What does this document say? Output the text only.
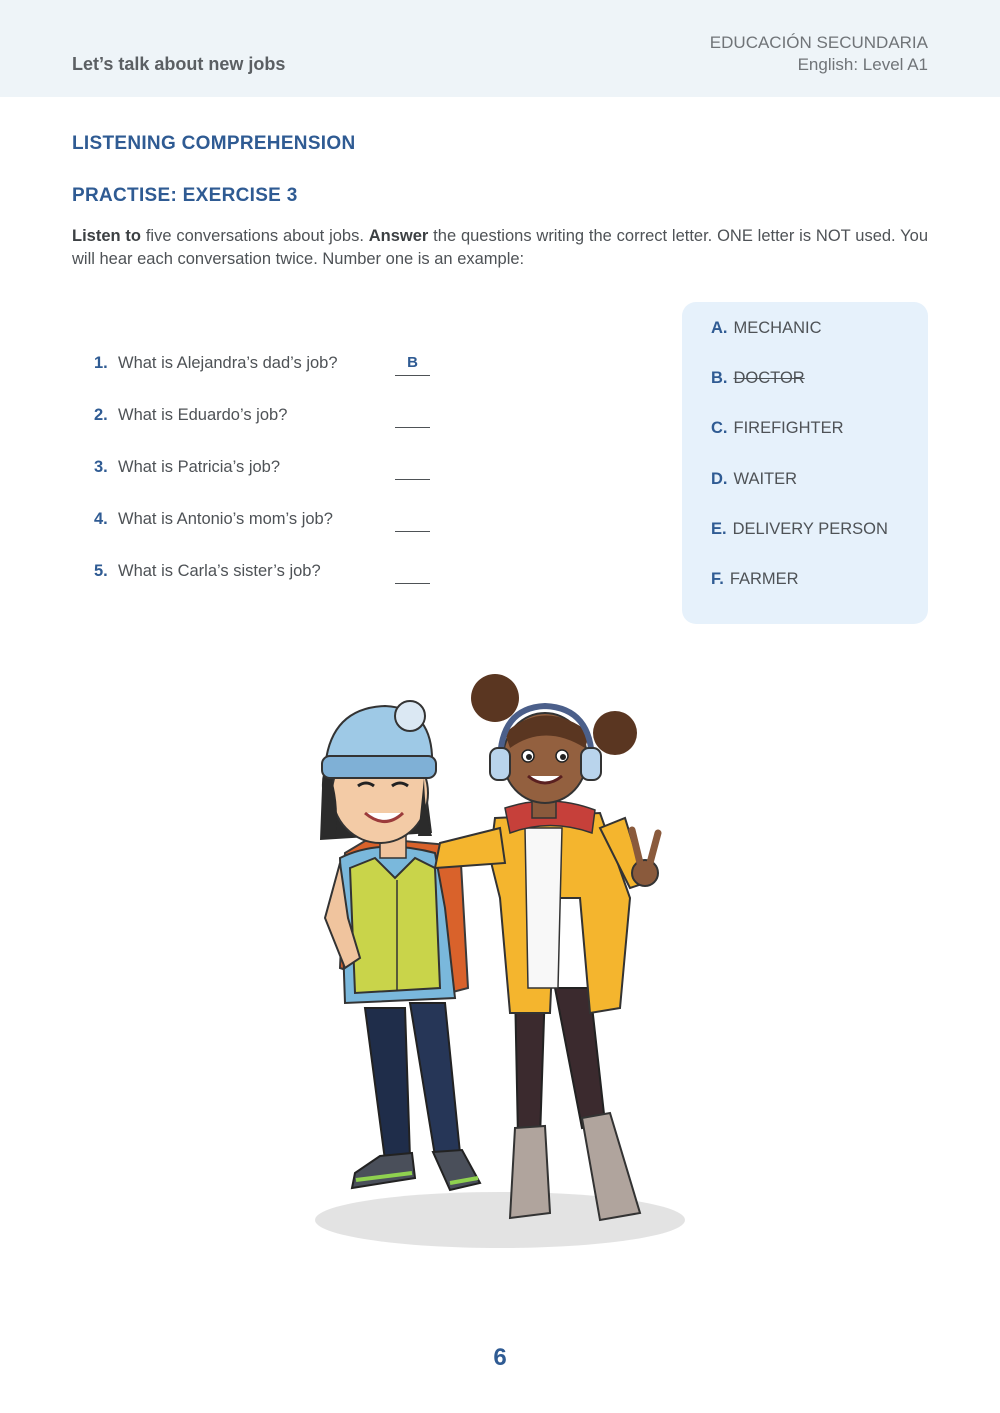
Let’s talk about new jobs
EDUCACIÓN SECUNDARIA
English: Level A1
LISTENING COMPREHENSION
PRACTISE: EXERCISE 3
Listen to five conversations about jobs. Answer the questions writing the correct letter. ONE letter is NOT used. You will hear each conversation twice. Number one is an example:
1. What is Alejandra’s dad’s job?	B
2. What is Eduardo’s job?
3. What is Patricia’s job?
4. What is Antonio’s mom’s job?
5. What is Carla’s sister’s job?
A. MECHANIC
B. DOCTOR
C. FIREFIGHTER
D. WAITER
E. DELIVERY PERSON
F. FARMER
6
